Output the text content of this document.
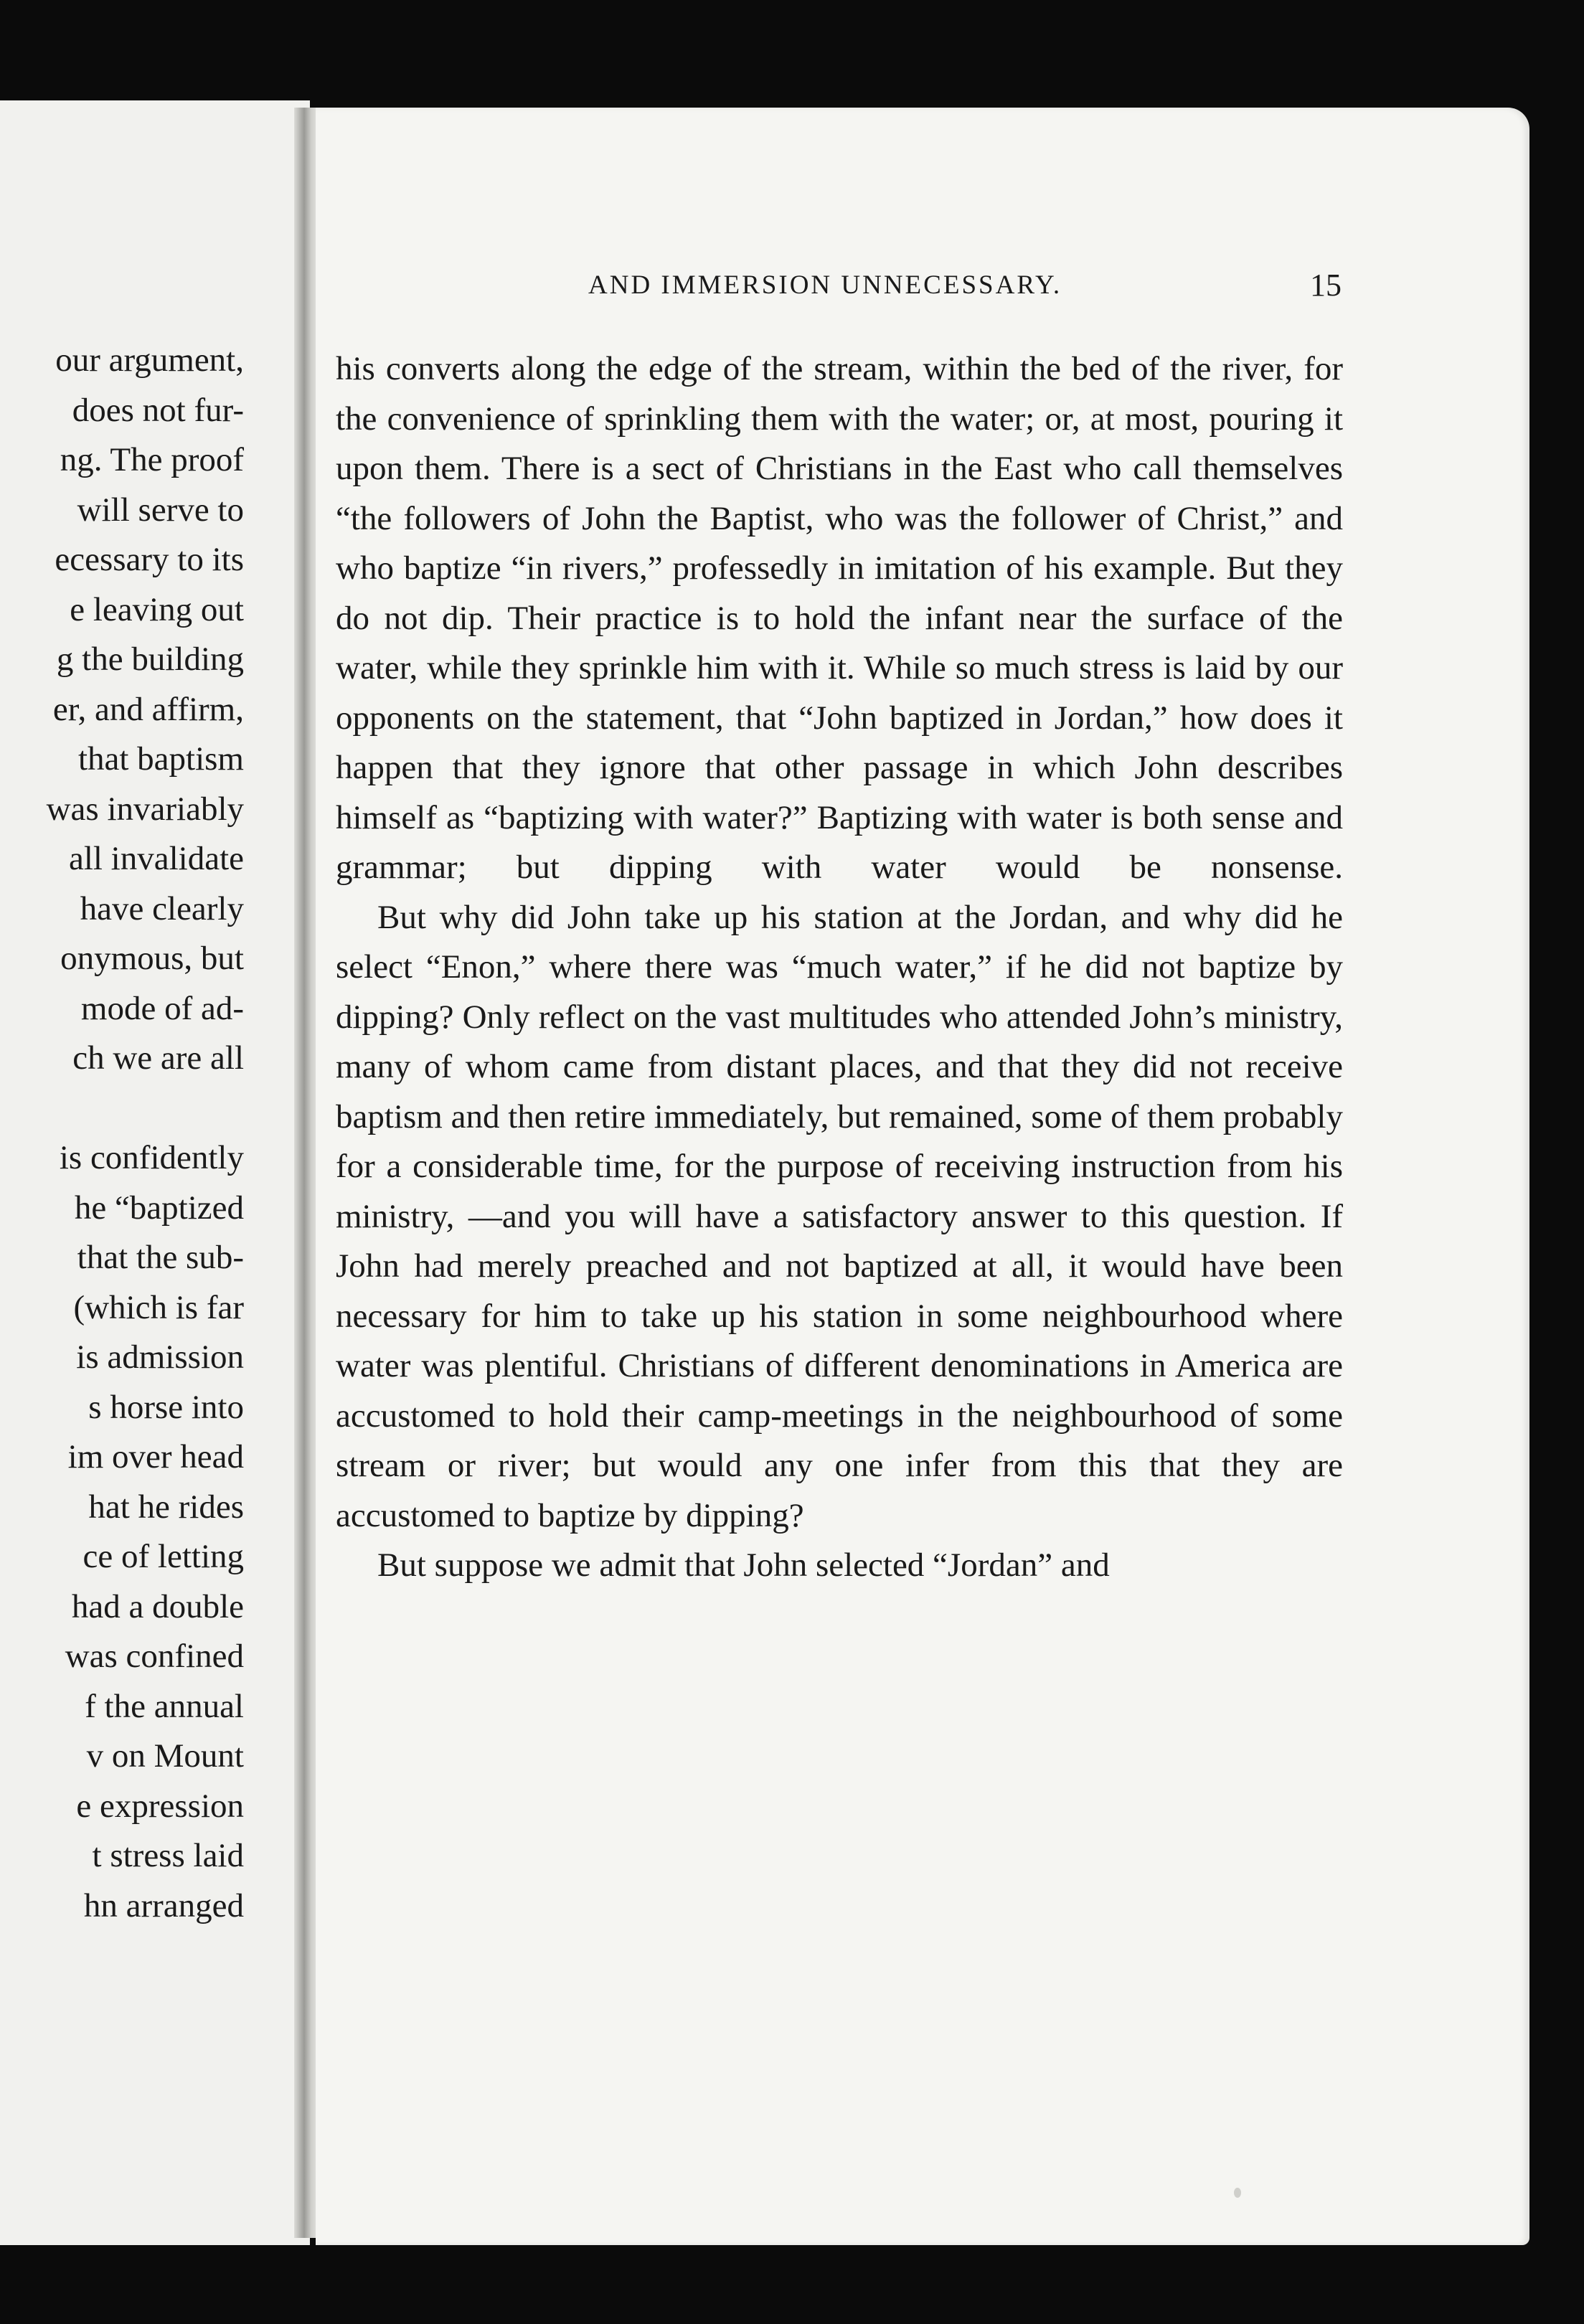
our argument,
does not fur-
ng. The proof
will serve to
ecessary to its
e leaving out
g the building
er, and affirm,
that baptism
was invariably
all invalidate
have clearly
onymous, but
mode of ad-
ch we are all
is confidently
he “baptized
that the sub-
(which is far
is admission
s horse into
im over head
hat he rides
ce of letting
had a double
was confined
f the annual
v on Mount
e expression
t stress laid
hn arranged
AND IMMERSION UNNECESSARY.	15
his converts along the edge of the stream, within the bed of the river, for the convenience of sprinkling them with the water; or, at most, pouring it upon them. There is a sect of Christians in the East who call themselves “the followers of John the Baptist, who was the follower of Christ,” and who baptize “in rivers,” professedly in imitation of his example. But they do not dip. Their practice is to hold the infant near the surface of the water, while they sprinkle him with it. While so much stress is laid by our opponents on the statement, that “John baptized in Jordan,” how does it happen that they ignore that other passage in which John describes himself as “baptizing with water?” Baptizing with water is both sense and grammar; but dipping with water would be nonsense.
But why did John take up his station at the Jordan, and why did he select “Enon,” where there was “much water,” if he did not baptize by dipping? Only reflect on the vast multitudes who attended John’s ministry, many of whom came from distant places, and that they did not receive baptism and then retire immediately, but remained, some of them probably for a considerable time, for the purpose of receiving instruction from his ministry, —and you will have a satisfactory answer to this question. If John had merely preached and not baptized at all, it would have been necessary for him to take up his station in some neighbourhood where water was plentiful. Christians of different denominations in America are accustomed to hold their camp-meetings in the neighbourhood of some stream or river; but would any one infer from this that they are accustomed to baptize by dipping?
But suppose we admit that John selected “Jordan” and
